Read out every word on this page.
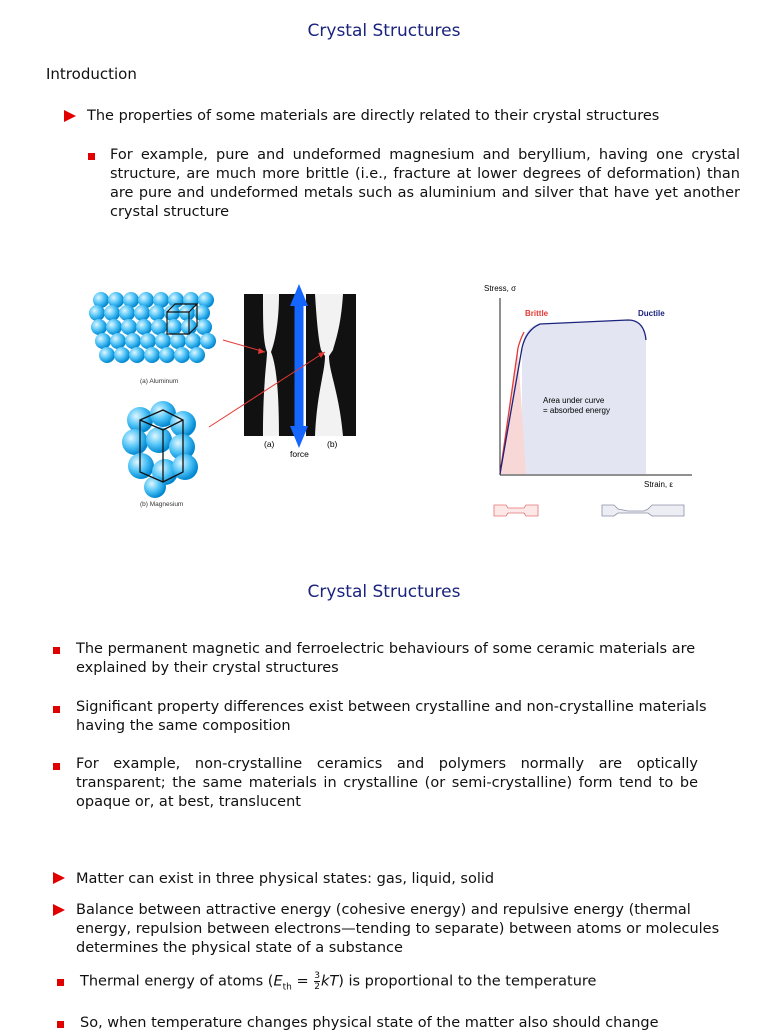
Crystal Structures
Introduction
The properties of some materials are directly related to their crystal structures
For example, pure and undeformed magnesium and beryllium, having one crystal structure, are much more brittle (i.e., fracture at lower degrees of deformation) than are pure and undeformed metals such as aluminium and silver that have yet another crystal structure
(a) Aluminum
(b) Magnesium
(a)	(b)
force
Stress, σ
Strain, ε
Brittle	Ductile
Area under curve
= absorbed energy
Crystal Structures
The permanent magnetic and ferroelectric behaviours of some ceramic materials are explained by their crystal structures
Significant property differences exist between crystalline and non-crystalline materials having the same composition
For example, non-crystalline ceramics and polymers normally are optically transparent; the same materials in crystalline (or semi-crystalline) form tend to be opaque or, at best, translucent
Matter can exist in three physical states: gas, liquid, solid
Balance between attractive energy (cohesive energy) and repulsive energy (thermal energy, repulsion between electrons—tending to separate) between atoms or molecules determines the physical state of a substance
Thermal energy of atoms $(E_{th} = \frac{3}{2} kT)$ is proportional to the temperature
So, when temperature changes physical state of the matter also should change
